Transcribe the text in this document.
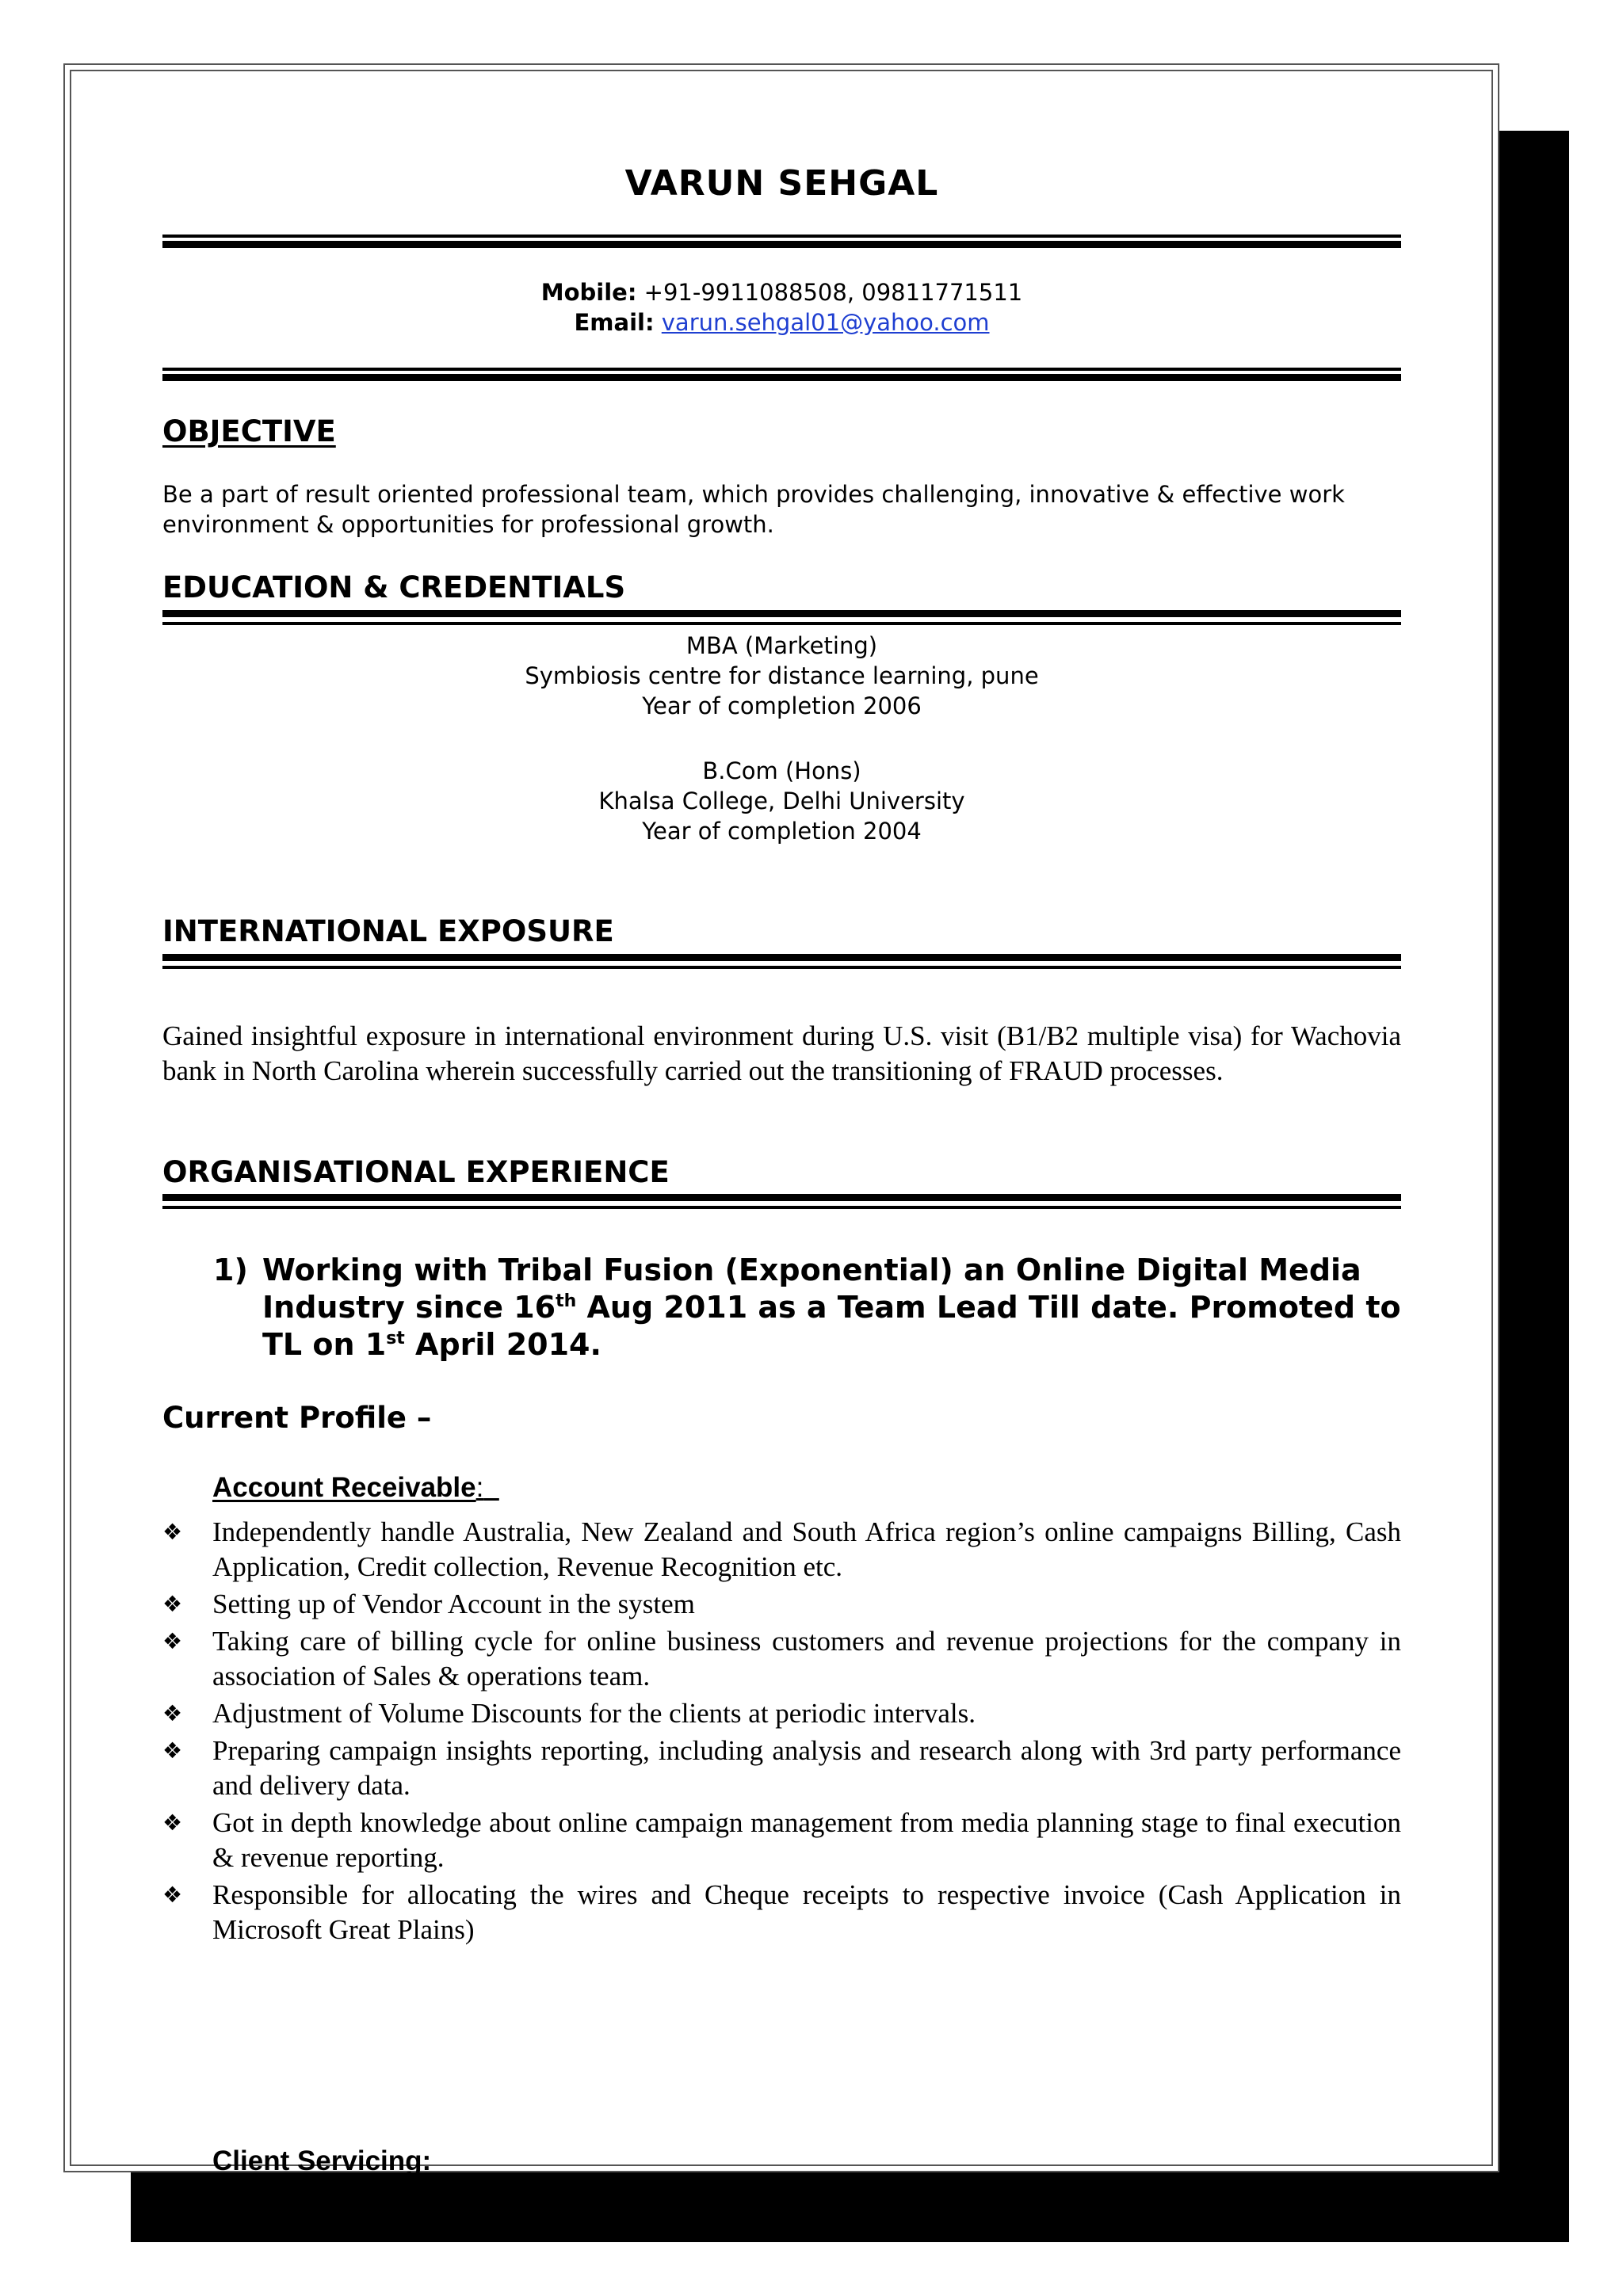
VARUN SEHGAL
Mobile: +91-9911088508, 09811771511
Email: varun.sehgal01@yahoo.com
OBJECTIVE
Be a part of result oriented professional team, which provides challenging, innovative & effective work environment & opportunities for professional growth.
EDUCATION & CREDENTIALS
MBA (Marketing)
Symbiosis centre for distance learning, pune
Year of completion 2006
B.Com (Hons)
Khalsa College, Delhi University
Year of completion 2004
INTERNATIONAL EXPOSURE
Gained insightful exposure in international environment during U.S. visit (B1/B2 multiple visa) for Wachovia bank in North Carolina wherein successfully carried out the transitioning of FRAUD processes.
ORGANISATIONAL EXPERIENCE
1) Working with Tribal Fusion (Exponential) an Online Digital Media Industry since 16th Aug 2011 as a Team Lead Till date. Promoted to TL on 1st April 2014.
Current Profile –
Account Receivable:
❖ Independently handle Australia, New Zealand and South Africa region’s online campaigns Billing, Cash Application, Credit collection, Revenue Recognition etc.
❖ Setting up of Vendor Account in the system
❖ Taking care of billing cycle for online business customers and revenue projections for the company in association of Sales & operations team.
❖ Adjustment of Volume Discounts for the clients at periodic intervals.
❖ Preparing campaign insights reporting, including analysis and research along with 3rd party performance and delivery data.
❖ Got in depth knowledge about online campaign management from media planning stage to final execution & revenue reporting.
❖ Responsible for allocating the wires and Cheque receipts to respective invoice (Cash Application in Microsoft Great Plains)
Client Servicing:
